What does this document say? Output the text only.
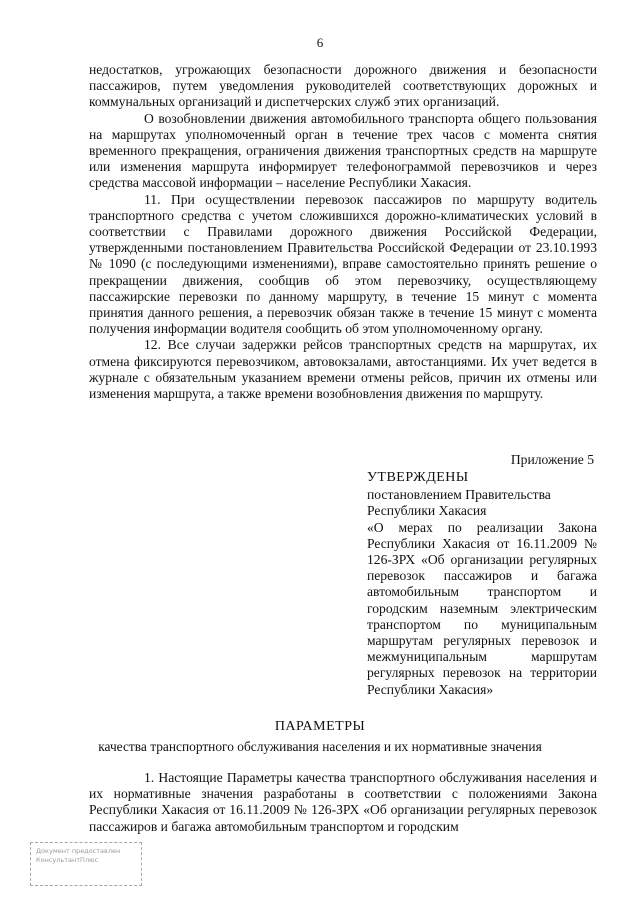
6

недостатков, угрожающих безопасности дорожного движения и безопасности пассажиров, путем уведомления руководителей соответствующих дорожных и коммунальных организаций и диспетчерских служб этих организаций.

О возобновлении движения автомобильного транспорта общего пользования на маршрутах уполномоченный орган в течение трех часов с момента снятия временного прекращения, ограничения движения транспортных средств на маршруте или изменения маршрута информирует телефонограммой перевозчиков и через средства массовой информации – население Республики Хакасия.

11. При осуществлении перевозок пассажиров по маршруту водитель транспортного средства с учетом сложившихся дорожно-климатических условий в соответствии с Правилами дорожного движения Российской Федерации, утвержденными постановлением Правительства Российской Федерации от 23.10.1993 № 1090 (с последующими изменениями), вправе самостоятельно принять решение о прекращении движения, сообщив об этом перевозчику, осуществляющему пассажирские перевозки по данному маршруту, в течение 15 минут с момента принятия данного решения, а перевозчик обязан также в течение 15 минут с момента получения информации водителя сообщить об этом уполномоченному органу.

12. Все случаи задержки рейсов транспортных средств на маршрутах, их отмена фиксируются перевозчиком, автовокзалами, автостанциями. Их учет ведется в журнале с обязательным указанием времени отмены рейсов, причин их отмены или изменения маршрута, а также времени возобновления движения по маршруту.

Приложение 5
УТВЕРЖДЕНЫ
постановлением Правительства
Республики Хакасия
«О мерах по реализации Закона Республики Хакасия от 16.11.2009 № 126-ЗРХ «Об организации регулярных перевозок пассажиров и багажа автомобильным транспортом и городским наземным электрическим транспортом по муниципальным маршрутам регулярных перевозок и межмуниципальным маршрутам регулярных перевозок на территории Республики Хакасия»
ПАРАМЕТРЫ
качества транспортного обслуживания населения и их нормативные значения

1. Настоящие Параметры качества транспортного обслуживания населения и их нормативные значения разработаны в соответствии с положениями Закона Республики Хакасия от 16.11.2009 № 126-ЗРХ «Об организации регулярных перевозок пассажиров и багажа автомобильным транспортом и городским

Документ предоставлен КонсультантПлюс
